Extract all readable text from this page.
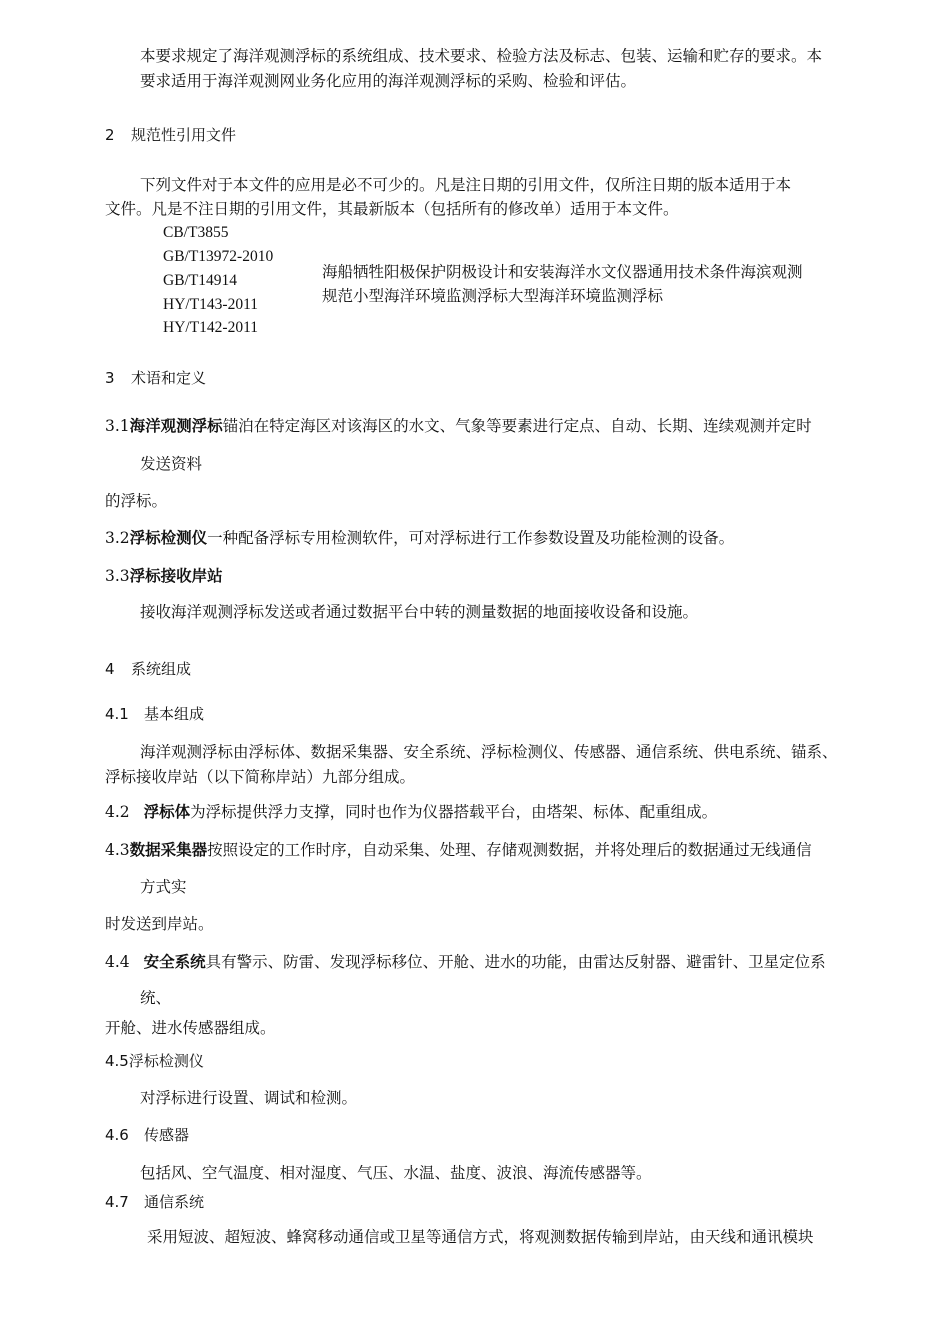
本要求规定了海洋观测浮标的系统组成、技术要求、检验方法及标志、包装、运输和贮存的要求。本
要求适用于海洋观测网业务化应用的海洋观测浮标的采购、检验和评估。
2 规范性引用文件
下列文件对于本文件的应用是必不可少的。凡是注日期的引用文件，仅所注日期的版本适用于本
文件。凡是不注日期的引用文件，其最新版本（包括所有的修改单）适用于本文件。
CB/T3855
GB/T13972-2010
GB/T14914
HY/T143-2011
HY/T142-2011
海船牺牲阳极保护阴极设计和安装海洋水文仪器通用技术条件海滨观测
规范小型海洋环境监测浮标大型海洋环境监测浮标
3 术语和定义
3.1海洋观测浮标锚泊在特定海区对该海区的水文、气象等要素进行定点、自动、长期、连续观测并定时
发送资料
的浮标。
3.2浮标检测仪一种配备浮标专用检测软件，可对浮标进行工作参数设置及功能检测的设备。
3.3浮标接收岸站
接收海洋观测浮标发送或者通过数据平台中转的测量数据的地面接收设备和设施。
4 系统组成
4.1 基本组成
海洋观测浮标由浮标体、数据采集器、安全系统、浮标检测仪、传感器、通信系统、供电系统、锚系、
浮标接收岸站（以下简称岸站）九部分组成。
4.2 浮标体为浮标提供浮力支撑，同时也作为仪器搭载平台，由塔架、标体、配重组成。
4.3数据采集器按照设定的工作时序，自动采集、处理、存储观测数据，并将处理后的数据通过无线通信
方式实
时发送到岸站。
4.4 安全系统具有警示、防雷、发现浮标移位、开舱、进水的功能，由雷达反射器、避雷针、卫星定位系
统、
开舱、进水传感器组成。
4.5浮标检测仪
对浮标进行设置、调试和检测。
4.6 传感器
包括风、空气温度、相对湿度、气压、水温、盐度、波浪、海流传感器等。
4.7 通信系统
采用短波、超短波、蜂窝移动通信或卫星等通信方式，将观测数据传输到岸站，由天线和通讯模块
